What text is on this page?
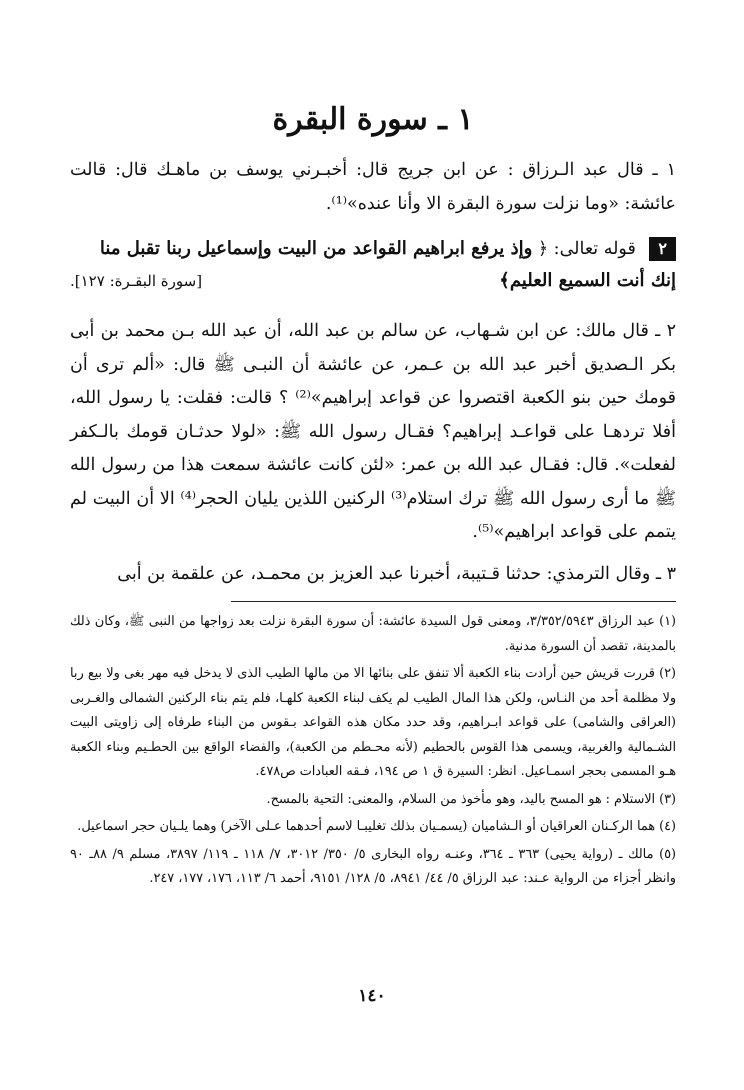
١ ـ سورة البقرة

١ ـ قال عبد الـرزاق : عن ابن جريج قال: أخبـرني يوسف بن ماهـك قال: قالت عائشة: «وما نزلت سورة البقرة الا وأنا عنده»⁽¹⁾.

٢ قوله تعالى: ﴿ وإذ يرفع ابراهيم القواعد من البيت وإسماعيل ربنا تقبل منا إنك أنت السميع العليم﴾
[سورة البقـرة: ١٢٧].

٢ ـ قال مالك: عن ابن شـهاب، عن سالم بن عبد الله، أن عبد الله بـن محمد بن أبى بكر الـصديق أخبر عبد الله بن عـمر، عن عائشة أن النبـى ﷺ قال: «ألم ترى أن قومك حين بنو الكعبة اقتصروا عن قواعد إبراهيم»⁽²⁾ ؟ قالت: فقلت: يا رسول الله، أفلا تردهـا على قواعـد إبراهيم؟ فقـال رسول الله ﷺ: «لولا حدثـان قومك بالـكفر لفعلت». قال: فقـال عبد الله بن عمر: «لئن كانت عائشة سمعت هذا من رسول الله ﷺ ما أرى رسول الله ﷺ ترك استلام⁽³⁾ الركنين اللذين يليان الحجر⁽⁴⁾ الا أن البيت لم يتمم على قواعد ابراهيم»⁽⁵⁾.

٣ ـ وقال الترمذي: حدثنا قـتيبة، أخبرنا عبد العزيز بن محمـد، عن علقمة بن أبى

(١) عبد الرزاق ٣/٣٥٢/٥٩٤٣، ومعنى قول السيدة عائشة: أن سورة البقرة نزلت بعد زواجها من النبى ﷺ، وكان ذلك بالمدينة، تقصد أن السورة مدنية.

(٢) قررت قريش حين أرادت بناء الكعبة ألا تنفق على بنائها الا من مالها الطيب الذى لا يدخل فيه مهر بغى ولا بيع ربا ولا مظلمة أحد من النـاس، ولكن هذا المال الطيب لم يكف لبناء الكعبة كلهـا، فلم يتم بناء الركنين الشمالى والغـربى (العراقى والشامى) على قواعد ابـراهيم، وقد حدد مكان هذه القواعد بـقوس من البناء طرفاه إلى زاويتى البيت الشـمالية والغربية، ويسمى هذا القوس بالحطيم (لأنه محـطم من الكعبة)، والفضاء الواقع بين الحطـيم وبناء الكعبة هـو المسمى بحجر اسمـاعيل. انظر: السيرة ق ١ ص ١٩٤، فـقه العبادات ص٤٧٨.

(٣) الاستلام : هو المسح باليد، وهو مأخوذ من السلام، والمعنى: التحية بالمسح.

(٤) هما الركـنان العراقيان أو الـشاميان (يسمـيان بذلك تغليبـا لاسم أحدهما عـلى الآخر) وهما يلـيان حجر اسماعيل.

(٥) مالك ـ (رواية يحيى) ٣٦٣ ـ ٣٦٤، وعنـه رواه البخارى ٥/ ٣٥٠/ ٣٠١٢، ٧/ ١١٨ ـ ١١٩/ ٣٨٩٧، مسلم ٩/ ٨٨ـ ٩٠ وانظر أجزاء من الرواية عـند: عبد الرزاق ٥/ ٤٤/ ٨٩٤١، ٥/ ١٢٨/ ٩١٥١، أحمد ٦/ ١١٣، ١٧٦، ١٧٧، ٢٤٧.

١٤٠
